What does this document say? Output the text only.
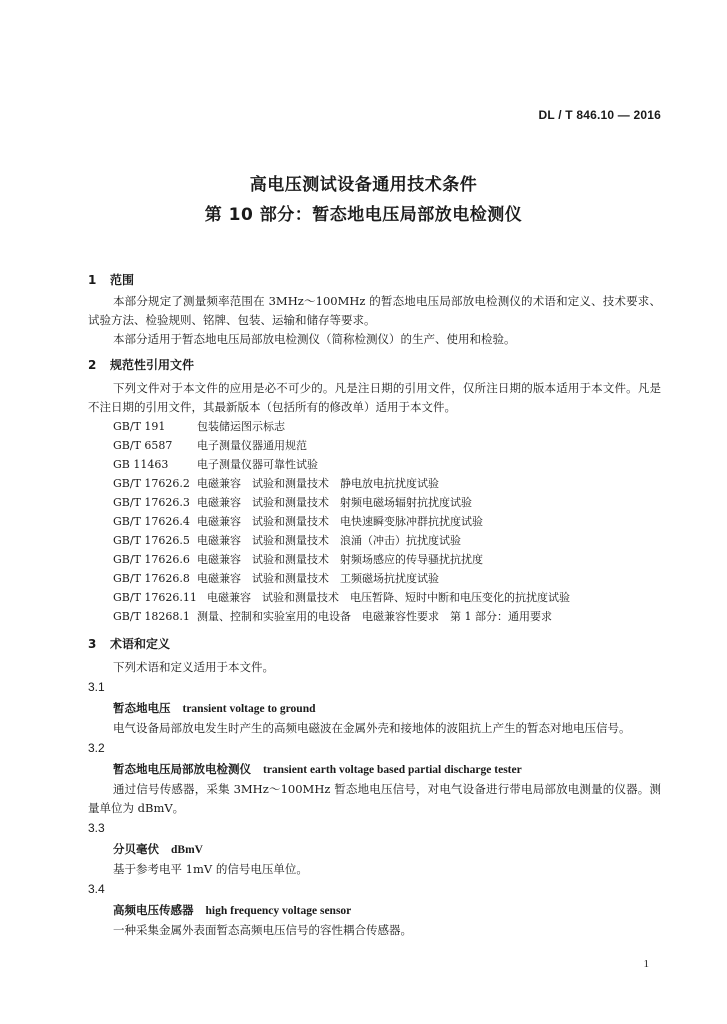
DL / T 846.10 — 2016
高电压测试设备通用技术条件
第 10 部分：暂态地电压局部放电检测仪
1 范围

本部分规定了测量频率范围在 3MHz～100MHz 的暂态地电压局部放电检测仪的术语和定义、技术要求、试验方法、检验规则、铭牌、包装、运输和储存等要求。

本部分适用于暂态地电压局部放电检测仪（简称检测仪）的生产、使用和检验。

2 规范性引用文件

下列文件对于本文件的应用是必不可少的。凡是注日期的引用文件，仅所注日期的版本适用于本文件。凡是不注日期的引用文件，其最新版本（包括所有的修改单）适用于本文件。

GB/T 191	包装储运图示标志
GB/T 6587 电子测量仪器通用规范
GB 11463	电子测量仪器可靠性试验
GB/T 17626.2 电磁兼容　试验和测量技术　静电放电抗扰度试验
GB/T 17626.3 电磁兼容　试验和测量技术　射频电磁场辐射抗扰度试验
GB/T 17626.4 电磁兼容　试验和测量技术　电快速瞬变脉冲群抗扰度试验
GB/T 17626.5 电磁兼容　试验和测量技术　浪涌（冲击）抗扰度试验
GB/T 17626.6 电磁兼容　试验和测量技术　射频场感应的传导骚扰抗扰度
GB/T 17626.8 电磁兼容　试验和测量技术　工频磁场抗扰度试验
GB/T 17626.11 电磁兼容　试验和测量技术　电压暂降、短时中断和电压变化的抗扰度试验
GB/T 18268.1 测量、控制和实验室用的电设备　电磁兼容性要求　第 1 部分：通用要求
3 术语和定义

下列术语和定义适用于本文件。

3.1
暂态地电压 transient voltage to ground

电气设备局部放电发生时产生的高频电磁波在金属外壳和接地体的波阻抗上产生的暂态对地电压信号。

3.2
暂态地电压局部放电检测仪 transient earth voltage based partial discharge tester

通过信号传感器，采集 3MHz～100MHz 暂态地电压信号，对电气设备进行带电局部放电测量的仪器。测量单位为 dBmV。

3.3
分贝毫伏 dBmV

基于参考电平 1mV 的信号电压单位。

3.4
高频电压传感器 high frequency voltage sensor

一种采集金属外表面暂态高频电压信号的容性耦合传感器。

1
